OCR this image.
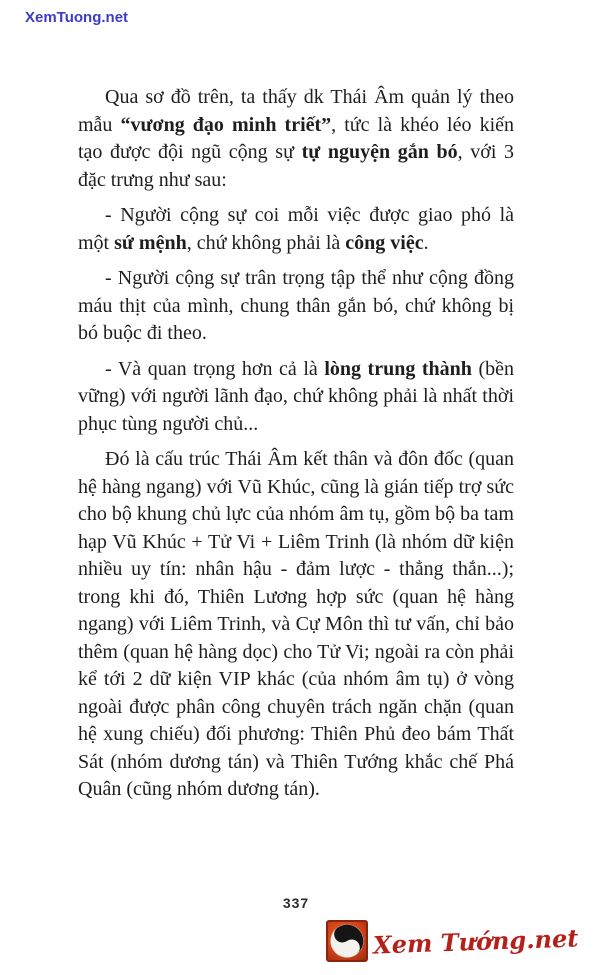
XemTuong.net

Qua sơ đồ trên, ta thấy dk Thái Âm quản lý theo mẫu “vương đạo minh triết”, tức là khéo léo kiến tạo được đội ngũ cộng sự tự nguyện gắn bó, với 3 đặc trưng như sau:

- Người cộng sự coi mỗi việc được giao phó là một sứ mệnh, chứ không phải là công việc.

- Người cộng sự trân trọng tập thể như cộng đồng máu thịt của mình, chung thân gắn bó, chứ không bị bó buộc đi theo.

- Và quan trọng hơn cả là lòng trung thành (bền vững) với người lãnh đạo, chứ không phải là nhất thời phục tùng người chủ...

Đó là cấu trúc Thái Âm kết thân và đôn đốc (quan hệ hàng ngang) với Vũ Khúc, cũng là gián tiếp trợ sức cho bộ khung chủ lực của nhóm âm tụ, gồm bộ ba tam hạp Vũ Khúc + Tử Vi + Liêm Trinh (là nhóm dữ kiện nhiều uy tín: nhân hậu - đảm lược - thẳng thắn...); trong khi đó, Thiên Lương hợp sức (quan hệ hàng ngang) với Liêm Trinh, và Cự Môn thì tư vấn, chỉ bảo thêm (quan hệ hàng dọc) cho Tử Vi; ngoài ra còn phải kể tới 2 dữ kiện VIP khác (của nhóm âm tụ) ở vòng ngoài được phân công chuyên trách ngăn chặn (quan hệ xung chiếu) đối phương: Thiên Phủ đeo bám Thất Sát (nhóm dương tán) và Thiên Tướng khắc chế Phá Quân (cũng nhóm dương tán).

337
Xem Tướng.net
